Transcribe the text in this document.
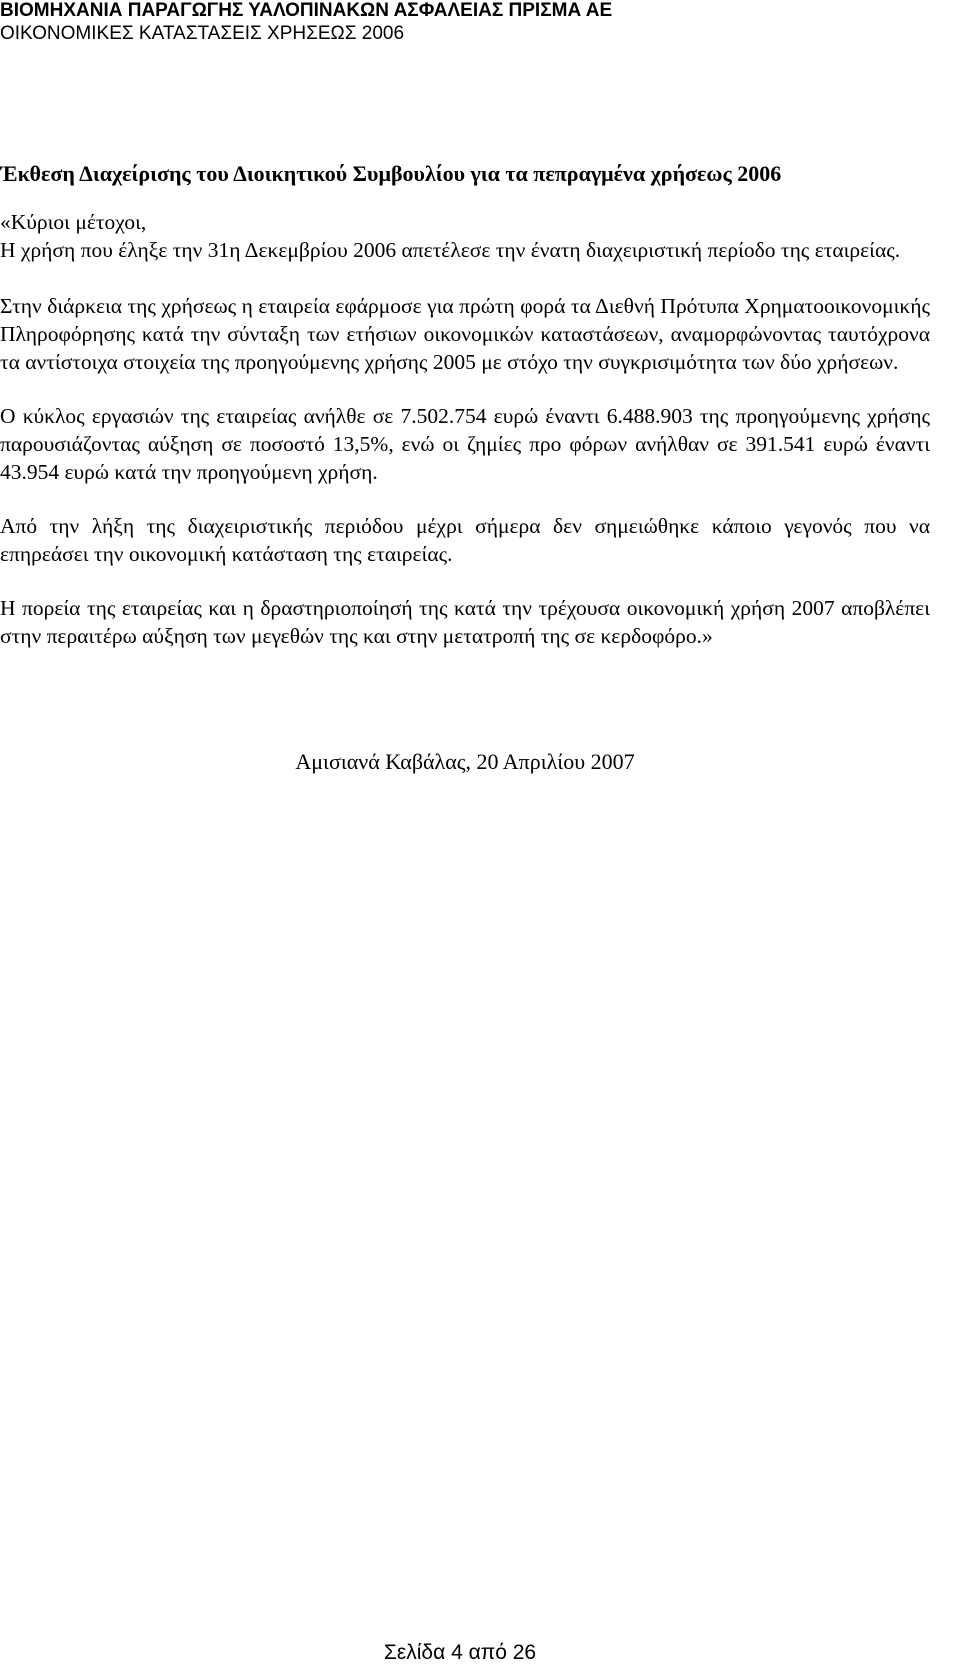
ΒΙΟΜΗΧΑΝΙΑ ΠΑΡΑΓΩΓΗΣ ΥΑΛΟΠΙΝΑΚΩΝ ΑΣΦΑΛΕΙΑΣ ΠΡΙΣΜΑ ΑΕ
ΟΙΚΟΝΟΜΙΚΕΣ ΚΑΤΑΣΤΑΣΕΙΣ ΧΡΗΣΕΩΣ 2006
Έκθεση Διαχείρισης του Διοικητικού Συμβουλίου για τα πεπραγμένα χρήσεως 2006

«Κύριοι μέτοχοι,

Η χρήση που έληξε την 31η Δεκεμβρίου 2006 απετέλεσε την ένατη διαχειριστική περίοδο της εταιρείας.

Στην διάρκεια της χρήσεως η εταιρεία εφάρμοσε για πρώτη φορά τα Διεθνή Πρότυπα Χρηματοοικονομικής Πληροφόρησης κατά την σύνταξη των ετήσιων οικονομικών καταστάσεων, αναμορφώνοντας ταυτόχρονα τα αντίστοιχα στοιχεία της προηγούμενης χρήσης 2005 με στόχο την συγκρισιμότητα των δύο χρήσεων.

Ο κύκλος εργασιών της εταιρείας ανήλθε σε 7.502.754 ευρώ έναντι 6.488.903 της προηγούμενης χρήσης παρουσιάζοντας αύξηση σε ποσοστό 13,5%, ενώ οι ζημίες προ φόρων ανήλθαν σε 391.541 ευρώ έναντι 43.954 ευρώ κατά την προηγούμενη χρήση.

Από την λήξη της διαχειριστικής περιόδου μέχρι σήμερα δεν σημειώθηκε κάποιο γεγονός που να επηρεάσει την οικονομική κατάσταση της εταιρείας.

Η πορεία της εταιρείας και η δραστηριοποίησή της κατά την τρέχουσα οικονομική χρήση 2007 αποβλέπει στην περαιτέρω αύξηση των μεγεθών της και στην μετατροπή της σε κερδοφόρο.»

Αμισιανά Καβάλας, 20 Απριλίου 2007
Σελίδα 4 από 26
